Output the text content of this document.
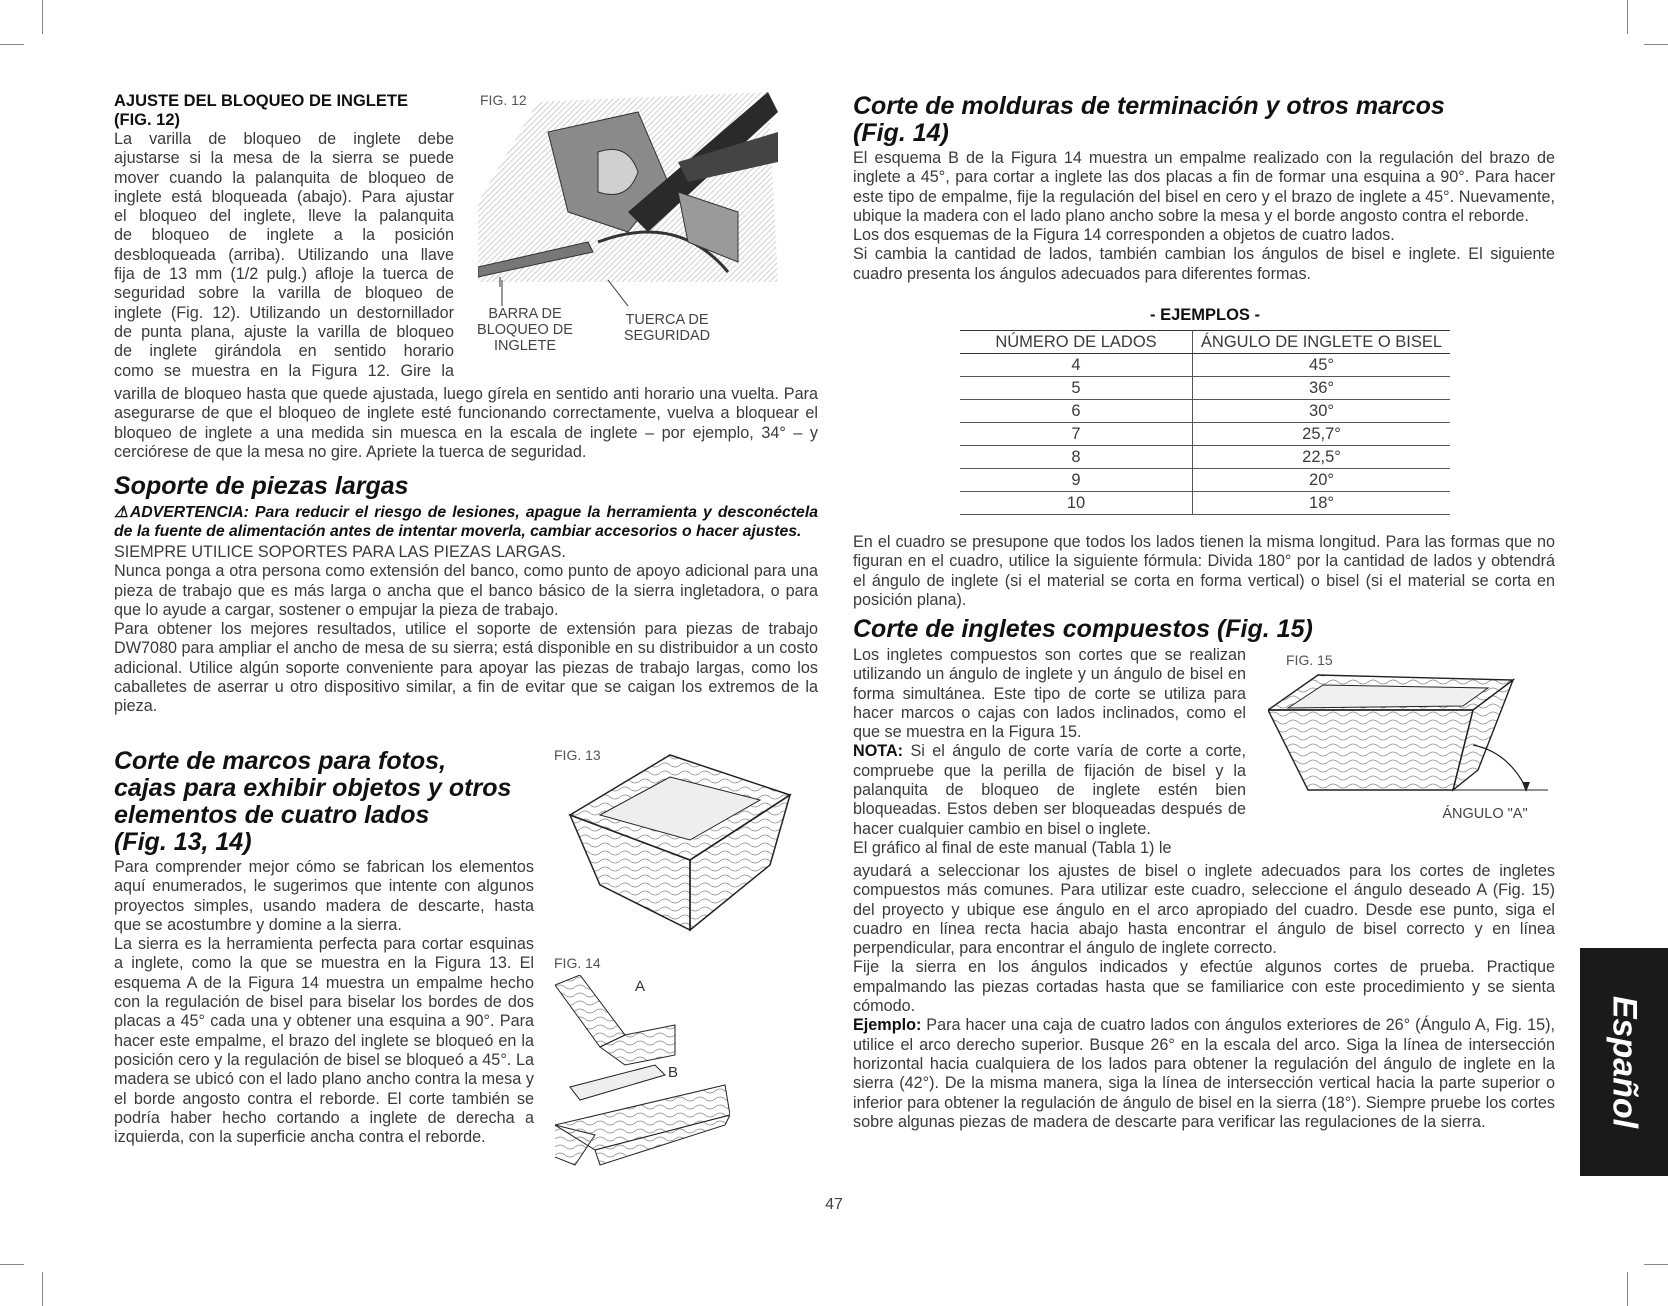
AJUSTE DEL BLOQUEO DE INGLETE

(FIG. 12)

La varilla de bloqueo de inglete debe
ajustarse si la mesa de la sierra se puede
mover cuando la palanquita de bloqueo de
inglete está bloqueada (abajo). Para ajustar
el bloqueo del inglete, lleve la palanquita
de bloqueo de inglete a la posición
desbloqueada (arriba). Utilizando una llave
fija de 13 mm (1/2 pulg.) afloje la tuerca de
seguridad sobre la varilla de bloqueo de
inglete (Fig. 12). Utilizando un destornillador
de punta plana, ajuste la varilla de bloqueo
de inglete girándola en sentido horario
como se muestra en la Figura 12. Gire la
FIG. 12
BARRA DE BLOQUEO DE INGLETE
TUERCA DE SEGURIDAD

varilla de bloqueo hasta que quede ajustada, luego gírela en sentido anti horario una vuelta. Para asegurarse de que el bloqueo de inglete esté funcionando correctamente, vuelva a bloquear el bloqueo de inglete a una medida sin muesca en la escala de inglete – por ejemplo, 34° – y cerciórese de que la mesa no gire. Apriete la tuerca de seguridad.

Soporte de piezas largas

⚠ADVERTENCIA: Para reducir el riesgo de lesiones, apague la herramienta y desconéctela de la fuente de alimentación antes de intentar moverla, cambiar accesorios o hacer ajustes.

SIEMPRE UTILICE SOPORTES PARA LAS PIEZAS LARGAS.

Nunca ponga a otra persona como extensión del banco, como punto de apoyo adicional para una pieza de trabajo que es más larga o ancha que el banco básico de la sierra ingletadora, o para que lo ayude a cargar, sostener o empujar la pieza de trabajo.

Para obtener los mejores resultados, utilice el soporte de extensión para piezas de trabajo DW7080 para ampliar el ancho de mesa de su sierra; está disponible en su distribuidor a un costo adicional. Utilice algún soporte conveniente para apoyar las piezas de trabajo largas, como los caballetes de aserrar u otro dispositivo similar, a fin de evitar que se caigan los extremos de la pieza.

Corte de marcos para fotos,

cajas para exhibir objetos y otros

elementos de cuatro lados

(Fig. 13, 14)

Para comprender mejor cómo se fabrican los elementos aquí enumerados, le sugerimos que intente con algunos proyectos simples, usando madera de descarte, hasta que se acostumbre y domine a la sierra.

La sierra es la herramienta perfecta para cortar esquinas a inglete, como la que se muestra en la Figura 13. El esquema A de la Figura 14 muestra un empalme hecho con la regulación de bisel para biselar los bordes de dos placas a 45° cada una y obtener una esquina a 90°. Para hacer este empalme, el brazo del inglete se bloqueó en la posición cero y la regulación de bisel se bloqueó a 45°. La madera se ubicó con el lado plano ancho contra la mesa y el borde angosto contra el reborde. El corte también se podría haber hecho cortando a inglete de derecha a izquierda, con la superficie ancha contra el reborde.

FIG. 13
FIG. 14
A
B

Corte de molduras de terminación y otros marcos

(Fig. 14)

El esquema B de la Figura 14 muestra un empalme realizado con la regulación del brazo de inglete a 45°, para cortar a inglete las dos placas a fin de formar una esquina a 90°. Para hacer este tipo de empalme, fije la regulación del bisel en cero y el brazo de inglete a 45°. Nuevamente, ubique la madera con el lado plano ancho sobre la mesa y el borde angosto contra el reborde.

Los dos esquemas de la Figura 14 corresponden a objetos de cuatro lados.

Si cambia la cantidad de lados, también cambian los ángulos de bisel e inglete. El siguiente cuadro presenta los ángulos adecuados para diferentes formas.

- EJEMPLOS -
NÚMERO DE LADOS	ÁNGULO DE INGLETE O BISEL
4	45°
5	36°
6	30°
7	25,7°
8	22,5°
9	20°
10	18°

En el cuadro se presupone que todos los lados tienen la misma longitud. Para las formas que no figuran en el cuadro, utilice la siguiente fórmula: Divida 180° por la cantidad de lados y obtendrá el ángulo de inglete (si el material se corta en forma vertical) o bisel (si el material se corta en posición plana).

Corte de ingletes compuestos (Fig. 15)

Los ingletes compuestos son cortes que se realizan utilizando un ángulo de inglete y un ángulo de bisel en forma simultánea. Este tipo de corte se utiliza para hacer marcos o cajas con lados inclinados, como el que se muestra en la Figura 15.

NOTA: Si el ángulo de corte varía de corte a corte, compruebe que la perilla de fijación de bisel y la palanquita de bloqueo de inglete estén bien bloqueadas. Estos deben ser bloqueadas después de hacer cualquier cambio en bisel o inglete.

El gráfico al final de este manual (Tabla 1) le

FIG. 15
ÁNGULO "A"

ayudará a seleccionar los ajustes de bisel o inglete adecuados para los cortes de ingletes compuestos más comunes. Para utilizar este cuadro, seleccione el ángulo deseado A (Fig. 15) del proyecto y ubique ese ángulo en el arco apropiado del cuadro. Desde ese punto, siga el cuadro en línea recta hacia abajo hasta encontrar el ángulo de bisel correcto y en línea perpendicular, para encontrar el ángulo de inglete correcto.

Fije la sierra en los ángulos indicados y efectúe algunos cortes de prueba. Practique empalmando las piezas cortadas hasta que se familiarice con este procedimiento y se sienta cómodo.

Ejemplo: Para hacer una caja de cuatro lados con ángulos exteriores de 26° (Ángulo A, Fig. 15), utilice el arco derecho superior. Busque 26° en la escala del arco. Siga la línea de intersección horizontal hacia cualquiera de los lados para obtener la regulación del ángulo de inglete en la sierra (42°). De la misma manera, siga la línea de intersección vertical hacia la parte superior o inferior para obtener la regulación de ángulo de bisel en la sierra (18°). Siempre pruebe los cortes sobre algunas piezas de madera de descarte para verificar las regulaciones de la sierra.

47
Español
